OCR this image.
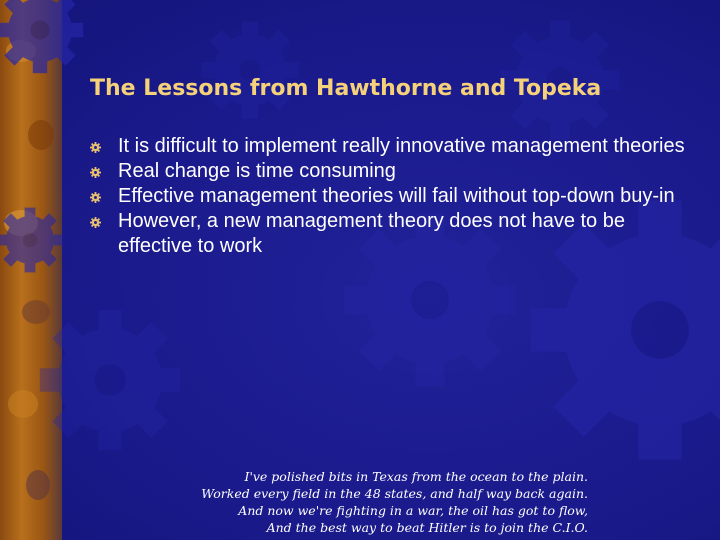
The Lessons from Hawthorne and Topeka
It is difficult to implement really innovative management theories
Real change is time consuming
Effective management theories will fail without top-down buy-in
However, a new management theory does not have to be effective to work
I've polished bits in Texas from the ocean to the plain.
Worked every field in the 48 states, and half way back again.
And now we're fighting in a war, the oil has got to flow,
And the best way to beat Hitler is to join the C.I.O.
